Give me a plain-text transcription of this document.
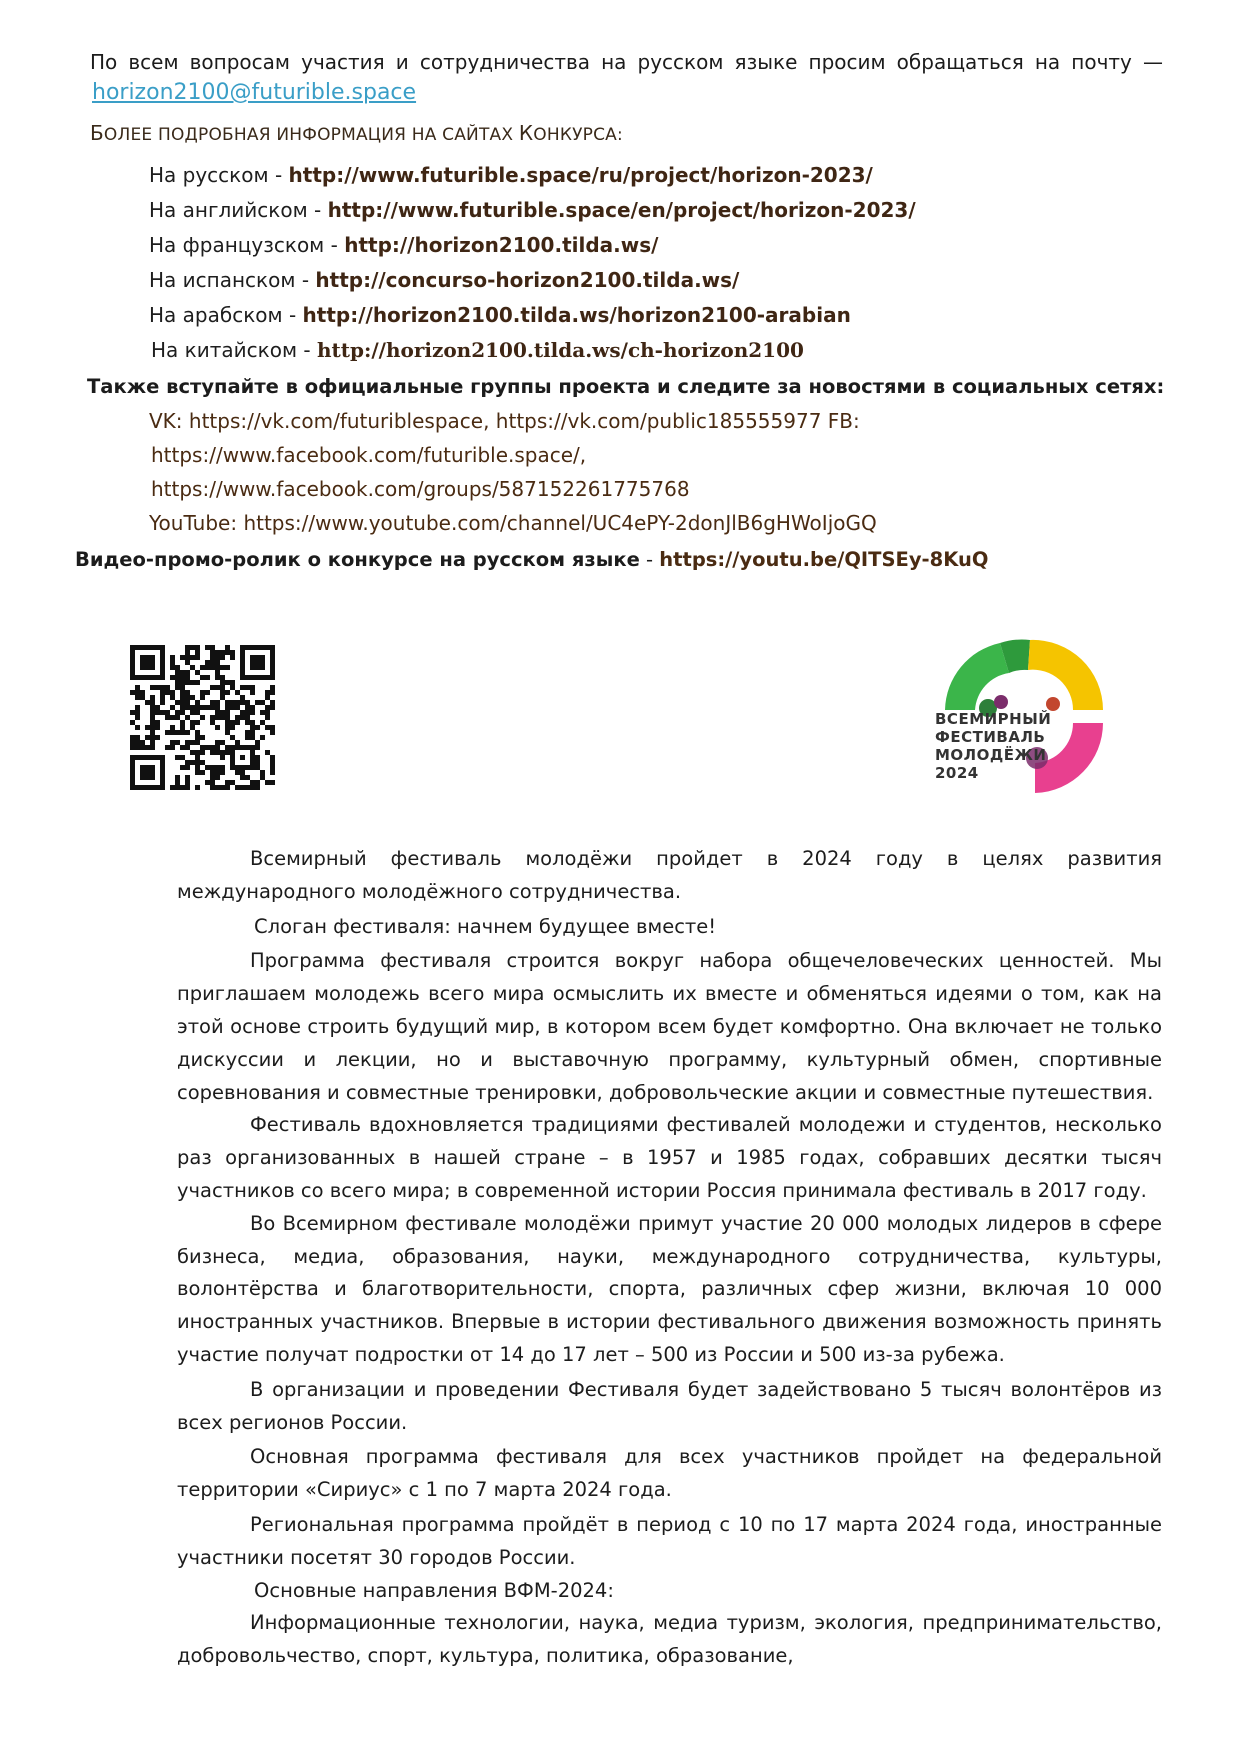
По всем вопросам участия и сотрудничества на русском языке просим обращаться на почту —
horizon2100@futurible.space
БОЛЕЕ ПОДРОБНАЯ ИНФОРМАЦИЯ НА САЙТАХ КОНКУРСА:
На русском - http://www.futurible.space/ru/project/horizon-2023/
На английском - http://www.futurible.space/en/project/horizon-2023/
На французском - http://horizon2100.tilda.ws/
На испанском - http://concurso-horizon2100.tilda.ws/
На арабском - http://horizon2100.tilda.ws/horizon2100-arabian
На китайском - http://horizon2100.tilda.ws/ch-horizon2100
Также вступайте в официальные группы проекта и следите за новостями в социальных сетях:
VK: https://vk.com/futuriblespace, https://vk.com/public185555977 FB:
https://www.facebook.com/futurible.space/,
https://www.facebook.com/groups/587152261775768
YouTube: https://www.youtube.com/channel/UC4ePY-2donJlB6gHWoIjoGQ
Видео-промо-ролик о конкурсе на русском языке - https://youtu.be/QITSEy-8KuQ
ВСЕМИРНЫЙ
ФЕСТИВАЛЬ
МОЛОДЁЖИ
2024

Всемирный фестиваль молодёжи пройдет в 2024 году в целях развития международного молодёжного сотрудничества.

Слоган фестиваля: начнем будущее вместе!

Программа фестиваля строится вокруг набора общечеловеческих ценностей. Мы приглашаем молодежь всего мира осмыслить их вместе и обменяться идеями о том, как на этой основе строить будущий мир, в котором всем будет комфортно. Она включает не только дискуссии и лекции, но и выставочную программу, культурный обмен, спортивные соревнования и совместные тренировки, добровольческие акции и совместные путешествия.

Фестиваль вдохновляется традициями фестивалей молодежи и студентов, несколько раз организованных в нашей стране – в 1957 и 1985 годах, собравших десятки тысяч участников со всего мира; в современной истории Россия принимала фестиваль в 2017 году.

Во Всемирном фестивале молодёжи примут участие 20 000 молодых лидеров в сфере бизнеса, медиа, образования, науки, международного сотрудничества, культуры, волонтёрства и благотворительности, спорта, различных сфер жизни, включая 10 000 иностранных участников. Впервые в истории фестивального движения возможность принять участие получат подростки от 14 до 17 лет – 500 из России и 500 из-за рубежа.

В организации и проведении Фестиваля будет задействовано 5 тысяч волонтёров из всех регионов России.

Основная программа фестиваля для всех участников пройдет на федеральной территории «Сириус» с 1 по 7 марта 2024 года.

Региональная программа пройдёт в период с 10 по 17 марта 2024 года, иностранные участники посетят 30 городов России.

Основные направления ВФМ-2024:

Информационные технологии, наука, медиа туризм, экология, предпринимательство, добровольчество, спорт, культура, политика, образование,
